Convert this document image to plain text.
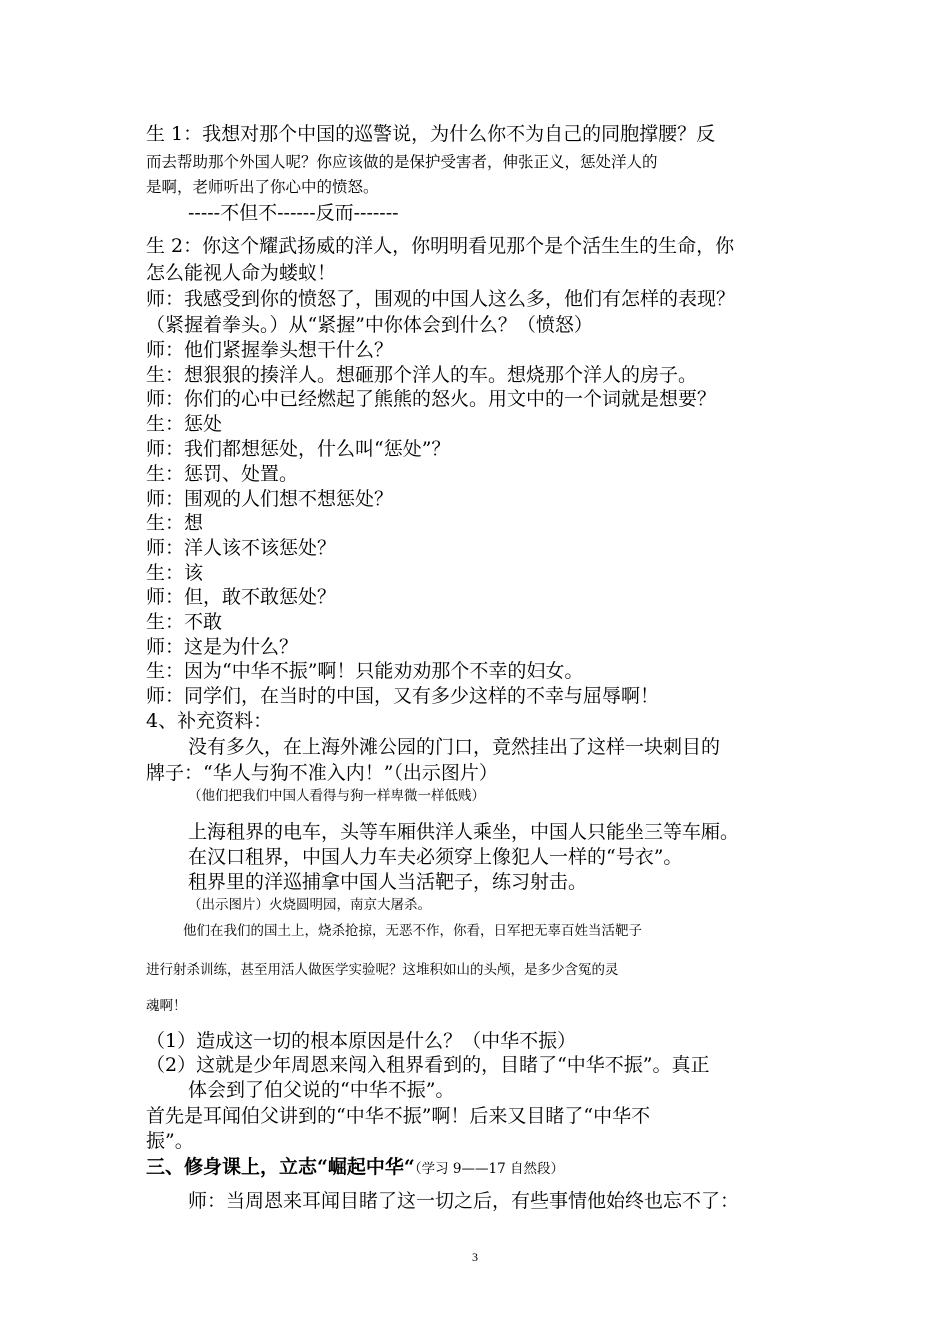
生 1：我想对那个中国的巡警说，为什么你不为自己的同胞撑腰？反
而去帮助那个外国人呢？你应该做的是保护受害者，伸张正义，惩处洋人的
是啊，老师听出了你心中的愤怒。
-----不但不------反而-------
生 2：你这个耀武扬威的洋人，你明明看见那个是个活生生的生命，你
怎么能视人命为蝼蚁！
师：我感受到你的愤怒了，围观的中国人这么多，他们有怎样的表现？
（紧握着拳头。）从“紧握”中你体会到什么？（愤怒）
师：他们紧握拳头想干什么？
生：想狠狠的揍洋人。想砸那个洋人的车。想烧那个洋人的房子。
师：你们的心中已经燃起了熊熊的怒火。用文中的一个词就是想要？
生：惩处
师：我们都想惩处，什么叫“惩处”？
生：惩罚、处置。
师：围观的人们想不想惩处？
生：想
师：洋人该不该惩处？
生：该
师：但，敢不敢惩处？
生：不敢
师：这是为什么？
生：因为“中华不振”啊！只能劝劝那个不幸的妇女。
师：同学们，在当时的中国，又有多少这样的不幸与屈辱啊！
4、补充资料：
没有多久，在上海外滩公园的门口，竟然挂出了这样一块刺目的
牌子：“华人与狗不准入内！”（出示图片）
（他们把我们中国人看得与狗一样卑微一样低贱）
上海租界的电车，头等车厢供洋人乘坐，中国人只能坐三等车厢。
在汉口租界，中国人力车夫必须穿上像犯人一样的“号衣”。
租界里的洋巡捕拿中国人当活靶子，练习射击。
（出示图片）火烧圆明园，南京大屠杀。
他们在我们的国土上，烧杀抢掠，无恶不作，你看，日军把无辜百姓当活靶子
进行射杀训练，甚至用活人做医学实验呢？这堆积如山的头颅，是多少含冤的灵
魂啊！
（1）造成这一切的根本原因是什么？（中华不振）
（2）这就是少年周恩来闯入租界看到的，目睹了“中华不振”。真正
体会到了伯父说的“中华不振”。
首先是耳闻伯父讲到的“中华不振”啊！后来又目睹了“中华不
振”。
三、修身课上，立志“崛起中华“（学习 9——17 自然段）
师：当周恩来耳闻目睹了这一切之后，有些事情他始终也忘不了：
3
